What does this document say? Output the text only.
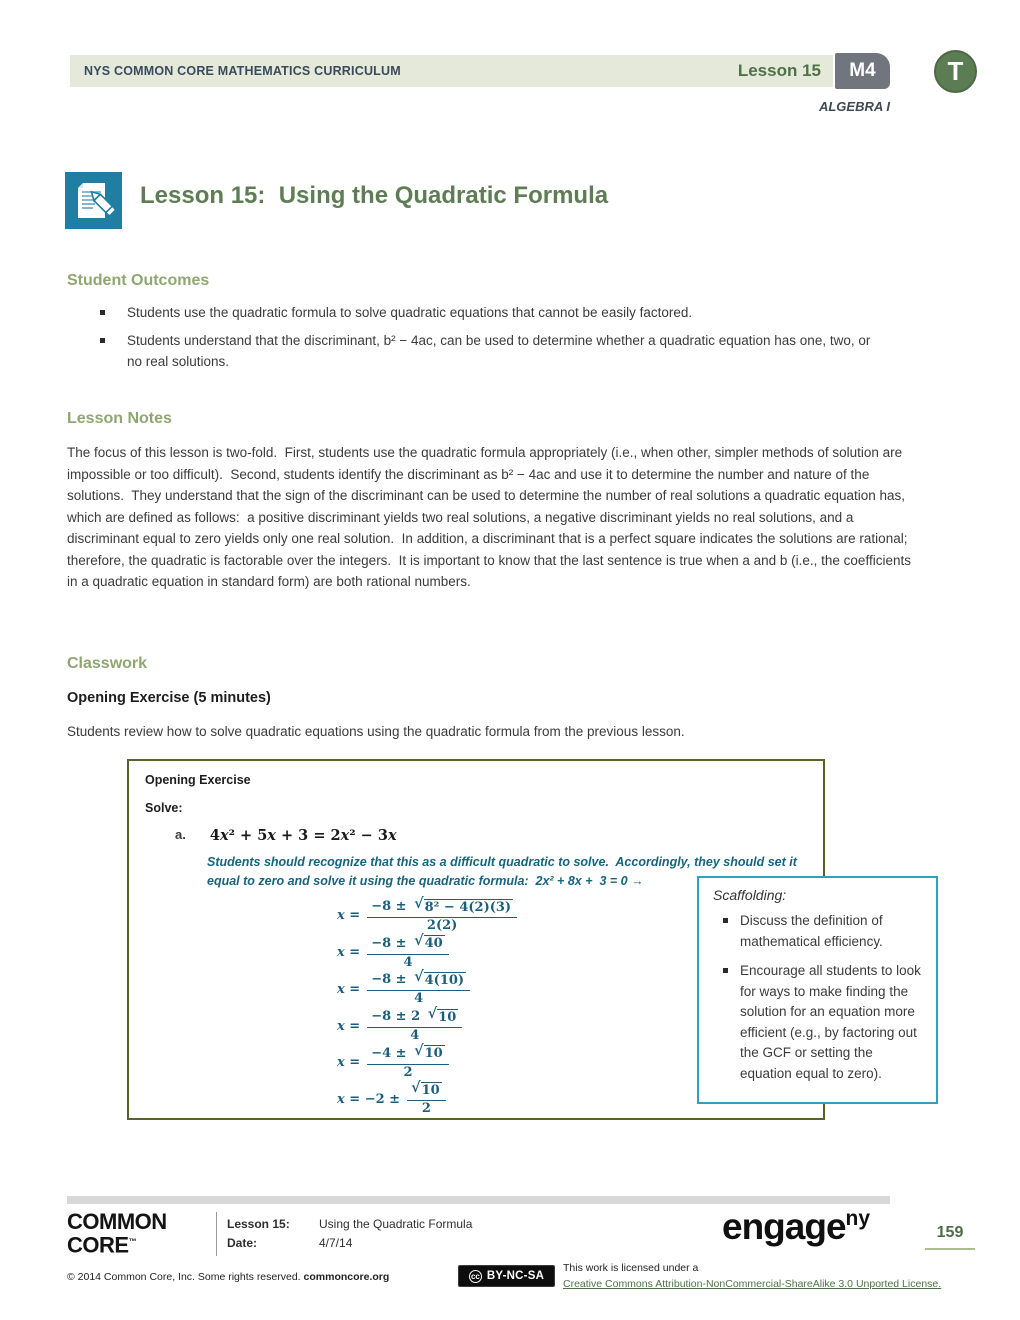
NYS COMMON CORE MATHEMATICS CURRICULUM	Lesson 15	M4	T
ALGEBRA I
Lesson 15:  Using the Quadratic Formula
Student Outcomes
Students use the quadratic formula to solve quadratic equations that cannot be easily factored.
Students understand that the discriminant, b² − 4ac, can be used to determine whether a quadratic equation has one, two, or no real solutions.
Lesson Notes
The focus of this lesson is two-fold.  First, students use the quadratic formula appropriately (i.e., when other, simpler methods of solution are impossible or too difficult).  Second, students identify the discriminant as b² − 4ac and use it to determine the number and nature of the solutions.  They understand that the sign of the discriminant can be used to determine the number of real solutions a quadratic equation has, which are defined as follows:  a positive discriminant yields two real solutions, a negative discriminant yields no real solutions, and a discriminant equal to zero yields only one real solution.  In addition, a discriminant that is a perfect square indicates the solutions are rational; therefore, the quadratic is factorable over the integers.  It is important to know that the last sentence is true when a and b (i.e., the coefficients in a quadratic equation in standard form) are both rational numbers.
Classwork
Opening Exercise (5 minutes)
Students review how to solve quadratic equations using the quadratic formula from the previous lesson.
Opening Exercise
Solve:
a. 4x² + 5x + 3 = 2x² − 3x
Students should recognize that this as a difficult quadratic to solve.  Accordingly, they should set it equal to zero and solve it using the quadratic formula:  2x² + 8x +  3 = 0 →
$x = \frac{\text{−8 ± √ 8² − 4(2)(3)}}{2(2)}$
$x = \frac{-8 \pm √ 40}{4}$
$x = \frac{-8 \pm √ 4(10)}{4}$
$x = \frac{-8 \pm 2 √ 10}{4}$
$x = \frac{-4 \pm √ 10}{2}$
$x = -2 \pm \frac{√ 10}{2}$
Scaffolding:
Discuss the definition of mathematical efficiency.
Encourage all students to look for ways to make finding the solution for an equation more efficient (e.g., by factoring out the GCF or setting the equation equal to zero).
COMMON
CORE™
Lesson 15:	Using the Quadratic Formula
Date:	4/7/14	engage$^{ny}$
159
© 2014 Common Core, Inc. Some rights reserved. commoncore.org	cc BY-NC-SA
This work is licensed under a
Creative Commons Attribution-NonCommercial-ShareAlike 3.0 Unported License.
